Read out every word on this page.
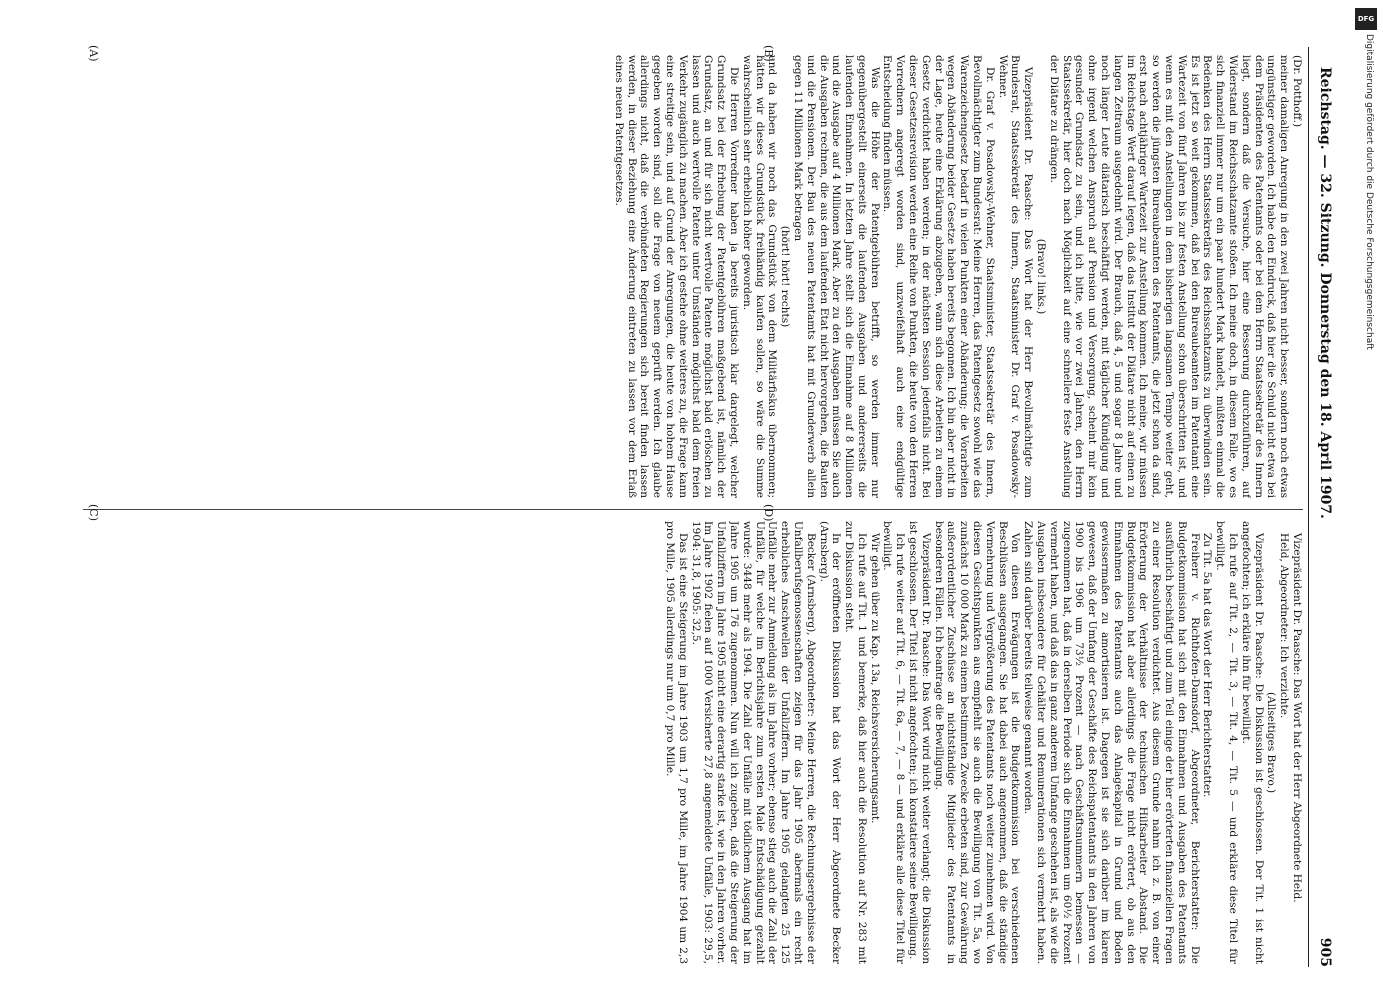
Reichstag. — 32. Sitzung. Donnerstag den 18. April 1907.
905

(Dr. Potthoff.)

meiner damaligen Anregung in den zwei Jahren nicht besser, sondern noch etwas ungünstiger geworden. Ich habe den Eindruck, daß hier die Schuld nicht etwa bei dem Präsidenten des Patentamts oder bei dem Herrn Staatssekretär des Innern liegt, sondern daß die Versuche, hier eine Besserung durchzuführen, auf Widerstand im Reichsschatzamte stoßen. Ich meine doch, in diesem Falle, wo es sich finanziell immer nur um ein paar hundert Mark handelt, müßten einmal die Bedenken des Herrn Staatssekretärs des Reichsschatzamts zu überwinden sein. Es ist jetzt so weit gekommen, daß bei den Bureaubeamten im Patentamt eine Wartezeit von fünf Jahren bis zur festen Anstellung schon überschritten ist, und wenn es mit den Anstellungen in dem bisherigen langsamen Tempo weiter geht, so werden die jüngsten Bureaubeamten des Patentamts, die jetzt schon da sind, erst nach achtjähriger Wartezeit zur Anstellung kommen. Ich meine, wir müssen im Reichstage Wert darauf legen, daß das Institut der Diätare nicht auf einen zu langen Zeitraum ausgedehnt wird. Der Brauch, daß 4, 5 und sogar 8 Jahre und noch länger Leute diätarisch beschäftigt werden, mit täglicher Kündigung und ohne irgend welchen Anspruch auf Pension und Versorgung, scheint mir kein gesunder Grundsatz zu sein, und ich bitte, wie vor zwei Jahren, den Herrn Staatssekretär, hier doch nach Möglichkeit auf eine schnellere feste Anstellung der Diätare zu drängen.

(Bravo! links.)

Vizepräsident Dr. Paasche: Das Wort hat der Herr Bevollmächtigte zum Bundesrat, Staatssekretär des Innern, Staatsminister Dr. Graf v. Posadowsky-Wehner.

Dr. Graf v. Posadowsky-Wehner, Staatsminister, Staatssekretär des Innern, Bevollmächtigter zum Bundesrat: Meine Herren, das Patentgesetz sowohl wie das Warenzeichengesetz bedarf in vielen Punkten einer Abänderung; die Vorarbeiten wegen Abänderung beider Gesetze haben bereits begonnen. Ich bin aber nicht in der Lage, heute eine Erklärung abzugeben, wann sich diese Arbeiten zu einem Gesetz verdichtet haben werden; in der nächsten Session jedenfalls nicht. Bei dieser Gesetzesrevision werden eine Reihe von Punkten, die heute von den Herren Vorrednern angeregt worden sind, unzweifelhaft auch eine endgültige Entscheidung finden müssen.

Was die Höhe der Patentgebühren betrifft, so werden immer nur gegenübergestellt einerseits die laufenden Ausgaben und andererseits die laufenden Einnahmen. In letzten Jahre stellt sich die Einnahme auf 8 Millionen und die Ausgabe auf 4 Millionen Mark. Aber zu den Ausgaben müssen Sie auch die Ausgaben rechnen, die aus dem laufenden Etat nicht hervorgehen, die Bauten und die Pensionen. Der Bau des neuen Patentamts hat mit Grunderwerb allein gegen 11 Millionen Mark betragen

(hört! hört! rechts)

und da haben wir noch das Grundstück von dem Militärfiskus übernommen; hätten wir dieses Grundstück freihändig kaufen sollen, so wäre die Summe wahrscheinlich sehr erheblich höher geworden.

Die Herren Vorredner haben ja bereits juristisch klar dargelegt, welcher Grundsatz bei der Erhebung der Patentgebühren maßgebend ist, nämlich der Grundsatz, an und für sich nicht wertvolle Patente möglichst bald erlöschen zu lassen und auch wertvolle Patente unter Umständen möglichst bald dem freien Verkehr zugänglich zu machen. Aber ich gestehe ohne weiteres zu, die Frage kann eine streitige sein, und auf Grund der Anregungen, die heute von hohem Hause gegeben worden sind, soll die Frage von neuem geprüft werden. Ich glaube allerdings nicht, daß die verbündeten Regierungen sich bereit finden lassen werden, in dieser Beziehung eine Änderung eintreten zu lassen vor dem Erlaß eines neuen Patentgesetzes.

Vizepräsident Dr. Paasche: Das Wort hat der Herr Abgeordnete Held.

Held, Abgeordneter: Ich verzichte.

(Allseitiges Bravo.)

Vizepräsident Dr. Paasche: Die Diskussion ist geschlossen. Der Tit. 1 ist nicht angefochten; ich erkläre ihn für bewilligt.

Ich rufe auf Tit. 2, — Tit. 3, — Tit. 4, — Tit. 5 — und erkläre diese Titel für bewilligt.

Zu Tit. 5a hat das Wort der Herr Berichterstatter.

Freiherr v. Richthofen-Damsdorf, Abgeordneter, Berichterstatter: Die Budgetkommission hat sich mit den Einnahmen und Ausgaben des Patentamts ausführlich beschäftigt und zum Teil einige der hier erörterten finanziellen Fragen zu einer Resolution verdichtet. Aus diesem Grunde nahm ich z. B. von einer Erörterung der Verhältnisse der technischen Hilfsarbeiter Abstand. Die Budgetkommission hat aber allerdings die Frage nicht erörtert, ob aus den Einnahmen des Patentamts auch das Anlagekapital in Grund und Boden gewissermaßen zu amortisieren ist. Dagegen ist sie sich darüber im klaren gewesen, daß der Umfang der Geschäfte des Reichspatentamts in den Jahren von 1900 bis 1906 um 73½ Prozent — nach Geschäftsnummern bemessen — zugenommen hat, daß in derselben Periode sich die Einnahmen um 60½ Prozent vermehrt haben, und daß das in ganz anderem Umfange geschehen ist, als wie die Ausgaben insbesondere für Gehälter und Remunerationen sich vermehrt haben. Zahlen sind darüber bereits teilweise genannt worden.

Von diesen Erwägungen ist die Budgetkommission bei verschiedenen Beschlüssen ausgegangen. Sie hat dabei auch angenommen, daß die ständige Vermehrung und Vergrößerung des Patentamts noch weiter zunehmen wird. Von diesen Gesichtspunkten aus empfiehlt sie auch die Bewilligung von Tit. 5a, wo zunächst 10 000 Mark zu einem bestimmten Zwecke erbeten sind, zur Gewährung außerordentlicher Zuschüsse an nichtständige Mitglieder des Patentamts in besonderen Fällen. Ich beantrage die Bewilligung.

Vizepräsident Dr. Paasche: Das Wort wird nicht weiter verlangt; die Diskussion ist geschlossen. Der Titel ist nicht angefochten; ich konstatiere seine Bewilligung.

Ich rufe weiter auf Tit. 6, — Tit. 6a, — 7, — 8 — und erkläre alle diese Titel für bewilligt.

Wir gehen über zu Kap. 13a, Reichsversicherungsamt.

Ich rufe auf Tit. 1 und bemerke, daß hier auch die Resolution auf Nr. 283 mit zur Diskussion steht.

In der eröffneten Diskussion hat das Wort der Herr Abgeordnete Becker (Arnsberg).

Becker (Arnsberg), Abgeordneter: Meine Herren, die Rechnungsergebnisse der Unfallberufsgenossenschaften zeigen für das Jahr 1905 abermals ein recht erhebliches Anschwellen der Unfallziffern. Im Jahre 1905 gelangten 25 125 Unfälle mehr zur Anmeldung als im Jahre vorher; ebenso stieg auch die Zahl der Unfälle, für welche im Berichtsjahre zum ersten Male Entschädigung gezahlt wurde: 3448 mehr als 1904. Die Zahl der Unfälle mit tödlichem Ausgang hat im Jahre 1905 um 176 zugenommen. Nun will ich zugeben, daß die Steigerung der Unfallziffern im Jahre 1905 nicht eine derartig starke ist, wie in den Jahren vorher. Im Jahre 1902 fielen auf 1000 Versicherte 27,8 angemeldete Unfälle, 1903: 29,5, 1904: 31,8, 1905: 32,5.

Das ist eine Steigerung im Jahre 1903 um 1,7 pro Mille, im Jahre 1904 um 2,3 pro Mille, 1905 allerdings nur um 0,7 pro Mille.

(A)	(B)
(C)	(D)
DFG
Digitalisierung gefördert durch die Deutsche Forschungsgemeinschaft
